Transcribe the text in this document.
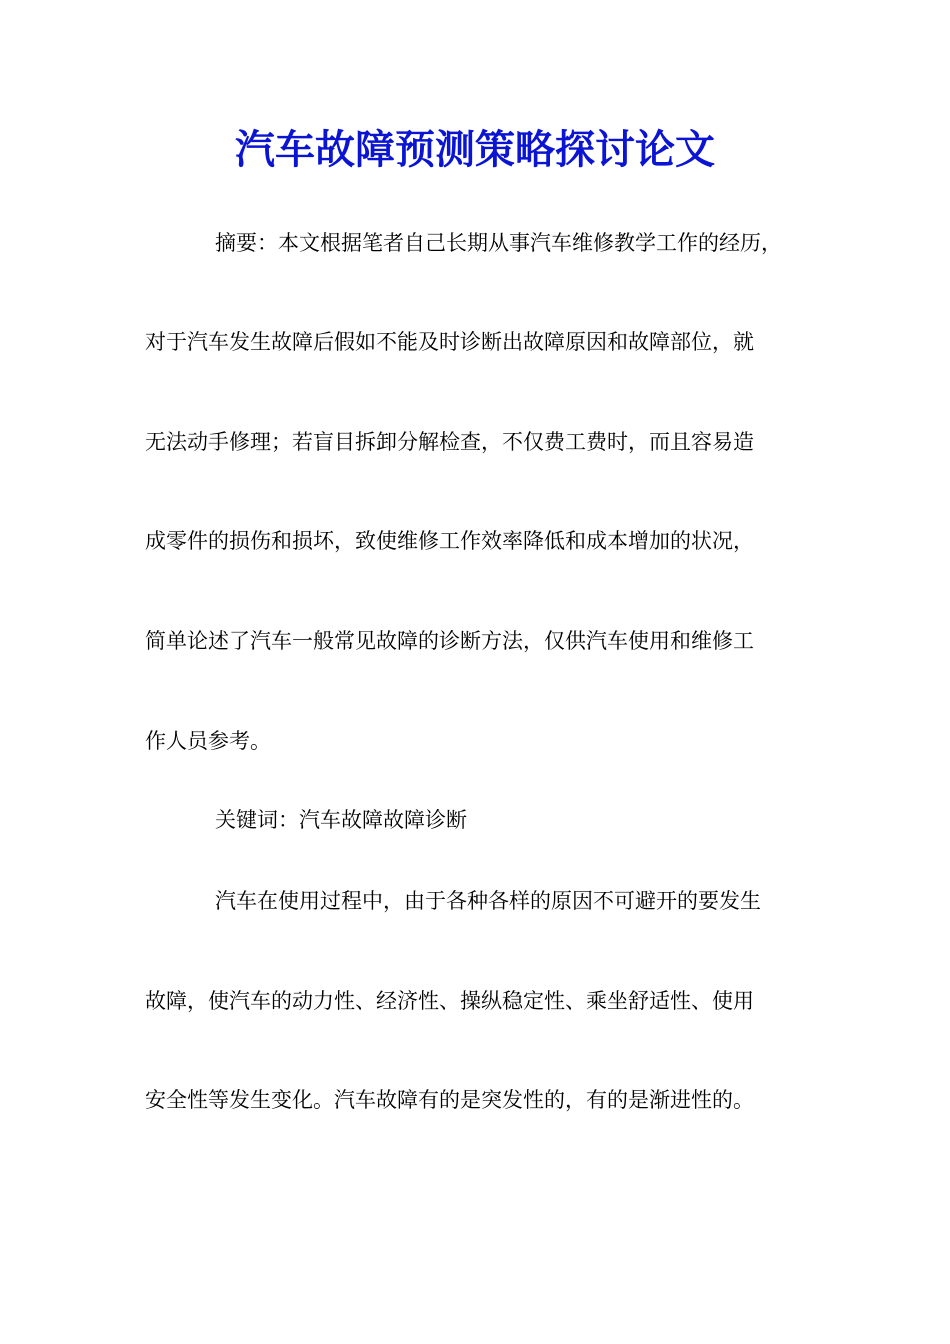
汽车故障预测策略探讨论文

摘要：本文根据笔者自己长期从事汽车维修教学工作的经历，

对于汽车发生故障后假如不能及时诊断出故障原因和故障部位，就

无法动手修理；若盲目拆卸分解检查，不仅费工费时，而且容易造

成零件的损伤和损坏，致使维修工作效率降低和成本增加的状况，

简单论述了汽车一般常见故障的诊断方法，仅供汽车使用和维修工

作人员参考。

关键词：汽车故障故障诊断

汽车在使用过程中，由于各种各样的原因不可避开的要发生

故障，使汽车的动力性、经济性、操纵稳定性、乘坐舒适性、使用

安全性等发生变化。汽车故障有的是突发性的，有的是渐进性的。
